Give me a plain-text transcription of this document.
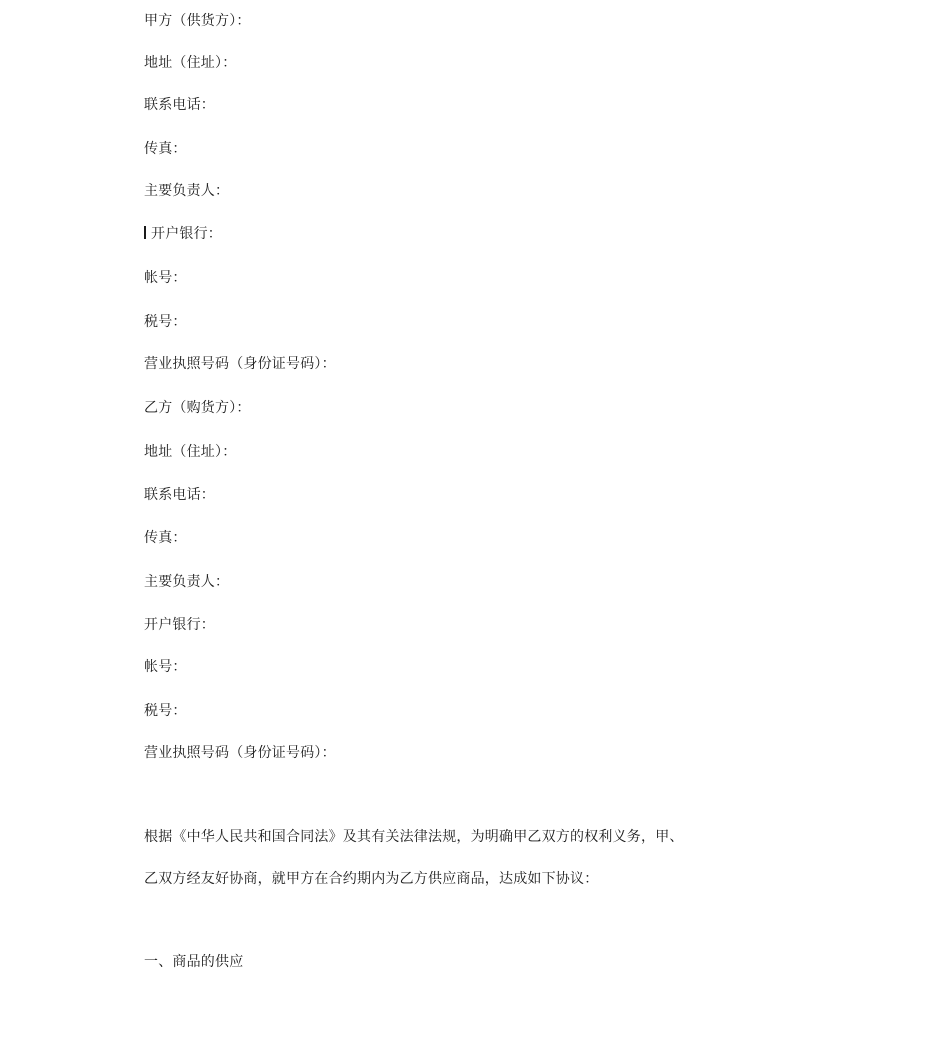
甲方（供货方）：
地址（住址）：
联系电话：
传真：
主要负责人：
开户银行：
帐号：
税号：
营业执照号码（身份证号码）：
乙方（购货方）：
地址（住址）：
联系电话：
传真：
主要负责人：
开户银行：
帐号：
税号：
营业执照号码（身份证号码）：
根据《中华人民共和国合同法》及其有关法律法规，为明确甲乙双方的权利义务，甲、
乙双方经友好协商，就甲方在合约期内为乙方供应商品，达成如下协议：
一、商品的供应
